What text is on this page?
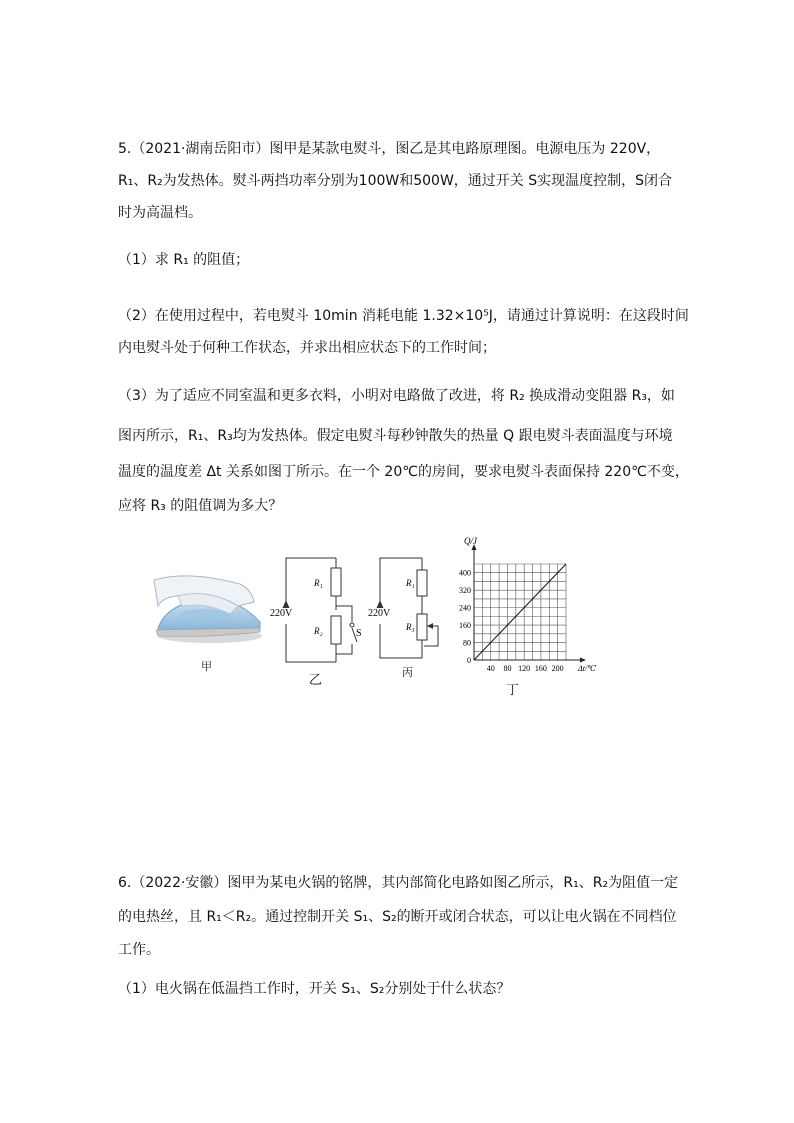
5.（2021·湖南岳阳市）图甲是某款电熨斗，图乙是其电路原理图。电源电压为 220V，
R₁、R₂为发热体。熨斗两挡功率分别为100W和500W，通过开关 S实现温度控制，S闭合
时为高温档。
（1）求 R₁ 的阻值；
（2）在使用过程中，若电熨斗 10min 消耗电能 1.32×10⁵J，请通过计算说明：在这段时间
内电熨斗处于何种工作状态，并求出相应状态下的工作时间；
（3）为了适应不同室温和更多衣料，小明对电路做了改进，将 R₂ 换成滑动变阻器 R₃，如
图丙所示，R₁、R₃均为发热体。假定电熨斗每秒钟散失的热量 Q 跟电熨斗表面温度与环境
温度的温度差 Δt 关系如图丁所示。在一个 20℃的房间，要求电熨斗表面保持 220℃不变，
应将 R₃ 的阻值调为多大？
甲
220V
R₁
R₂	S
乙
220V
R₁
R₃
丙	40 80 120 160 200
80
160
240
320
400
0
Δt/℃
Q/J
丁
6.（2022·安徽）图甲为某电火锅的铭牌，其内部简化电路如图乙所示，R₁、R₂为阻值一定
的电热丝，且 R₁＜R₂。通过控制开关 S₁、S₂的断开或闭合状态，可以让电火锅在不同档位
工作。
（1）电火锅在低温挡工作时，开关 S₁、S₂分别处于什么状态？
